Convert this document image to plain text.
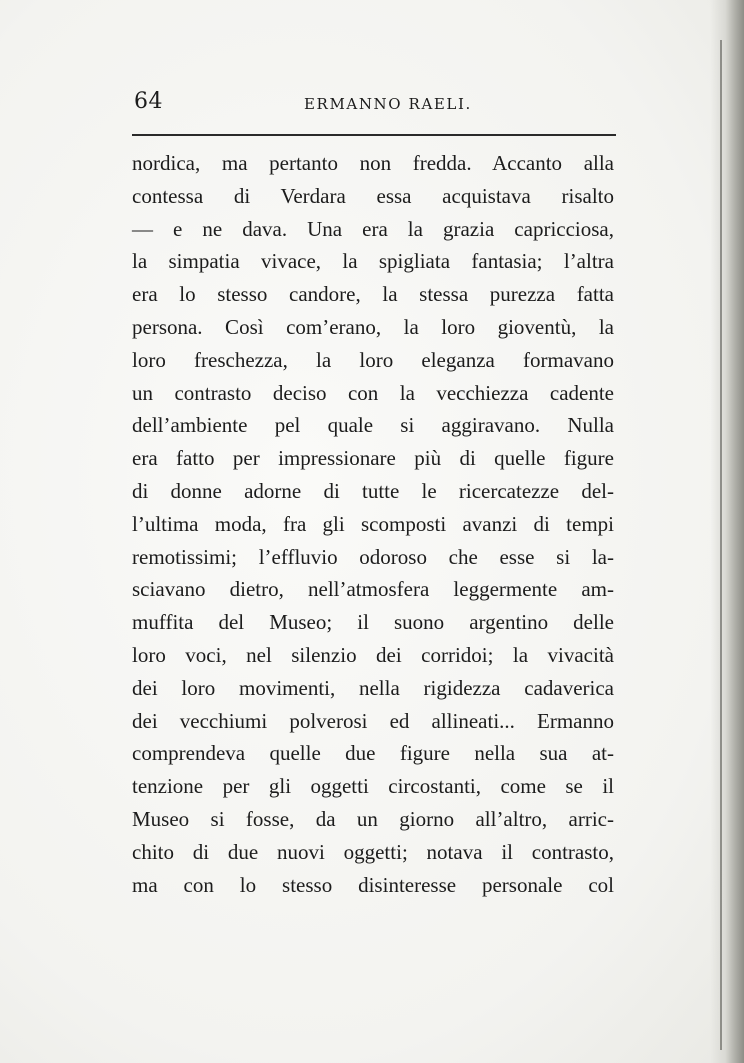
64	ERMANNO RAELI.
nordica, ma pertanto non fredda. Accanto alla
contessa di Verdara essa acquistava risalto
— e ne dava. Una era la grazia capricciosa,
la simpatia vivace, la spigliata fantasia; l’altra
era lo stesso candore, la stessa purezza fatta
persona. Così com’erano, la loro gioventù, la
loro freschezza, la loro eleganza formavano
un contrasto deciso con la vecchiezza cadente
dell’ambiente pel quale si aggiravano. Nulla
era fatto per impressionare più di quelle figure
di donne adorne di tutte le ricercatezze del-
l’ultima moda, fra gli scomposti avanzi di tempi
remotissimi; l’effluvio odoroso che esse si la-
sciavano dietro, nell’atmosfera leggermente am-
muffita del Museo; il suono argentino delle
loro voci, nel silenzio dei corridoi; la vivacità
dei loro movimenti, nella rigidezza cadaverica
dei vecchiumi polverosi ed allineati... Ermanno
comprendeva quelle due figure nella sua at-
tenzione per gli oggetti circostanti, come se il
Museo si fosse, da un giorno all’altro, arric-
chito di due nuovi oggetti; notava il contrasto,
ma con lo stesso disinteresse personale col
